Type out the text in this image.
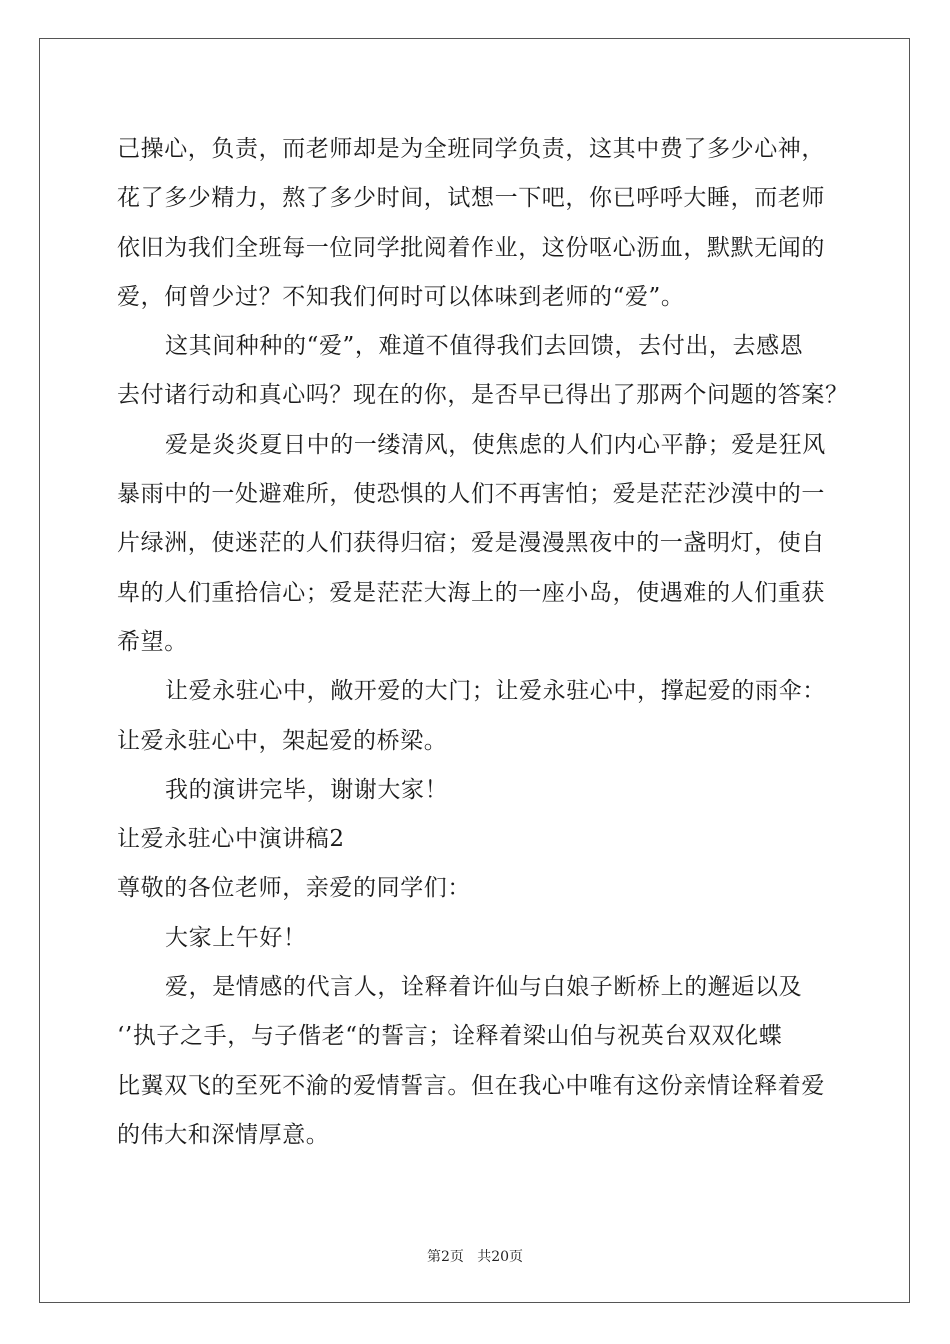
己操心，负责，而老师却是为全班同学负责，这其中费了多少心神，
花了多少精力，熬了多少时间，试想一下吧，你已呼呼大睡，而老师
依旧为我们全班每一位同学批阅着作业，这份呕心沥血，默默无闻的
爱，何曾少过？不知我们何时可以体味到老师的“爱”。
这其间种种的“爱”，难道不值得我们去回馈，去付出，去感恩
去付诸行动和真心吗？现在的你，是否早已得出了那两个问题的答案？
爱是炎炎夏日中的一缕清风，使焦虑的人们内心平静；爱是狂风
暴雨中的一处避难所，使恐惧的人们不再害怕；爱是茫茫沙漠中的一
片绿洲，使迷茫的人们获得归宿；爱是漫漫黑夜中的一盏明灯，使自
卑的人们重拾信心；爱是茫茫大海上的一座小岛，使遇难的人们重获
希望。
让爱永驻心中，敞开爱的大门；让爱永驻心中，撑起爱的雨伞：
让爱永驻心中，架起爱的桥梁。
我的演讲完毕，谢谢大家！
让爱永驻心中演讲稿2
尊敬的各位老师，亲爱的同学们：
大家上午好！
爱，是情感的代言人，诠释着许仙与白娘子断桥上的邂逅以及
‘’执子之手，与子偕老“的誓言；诠释着梁山伯与祝英台双双化蝶
比翼双飞的至死不渝的爱情誓言。但在我心中唯有这份亲情诠释着爱
的伟大和深情厚意。
第2页   共20页
